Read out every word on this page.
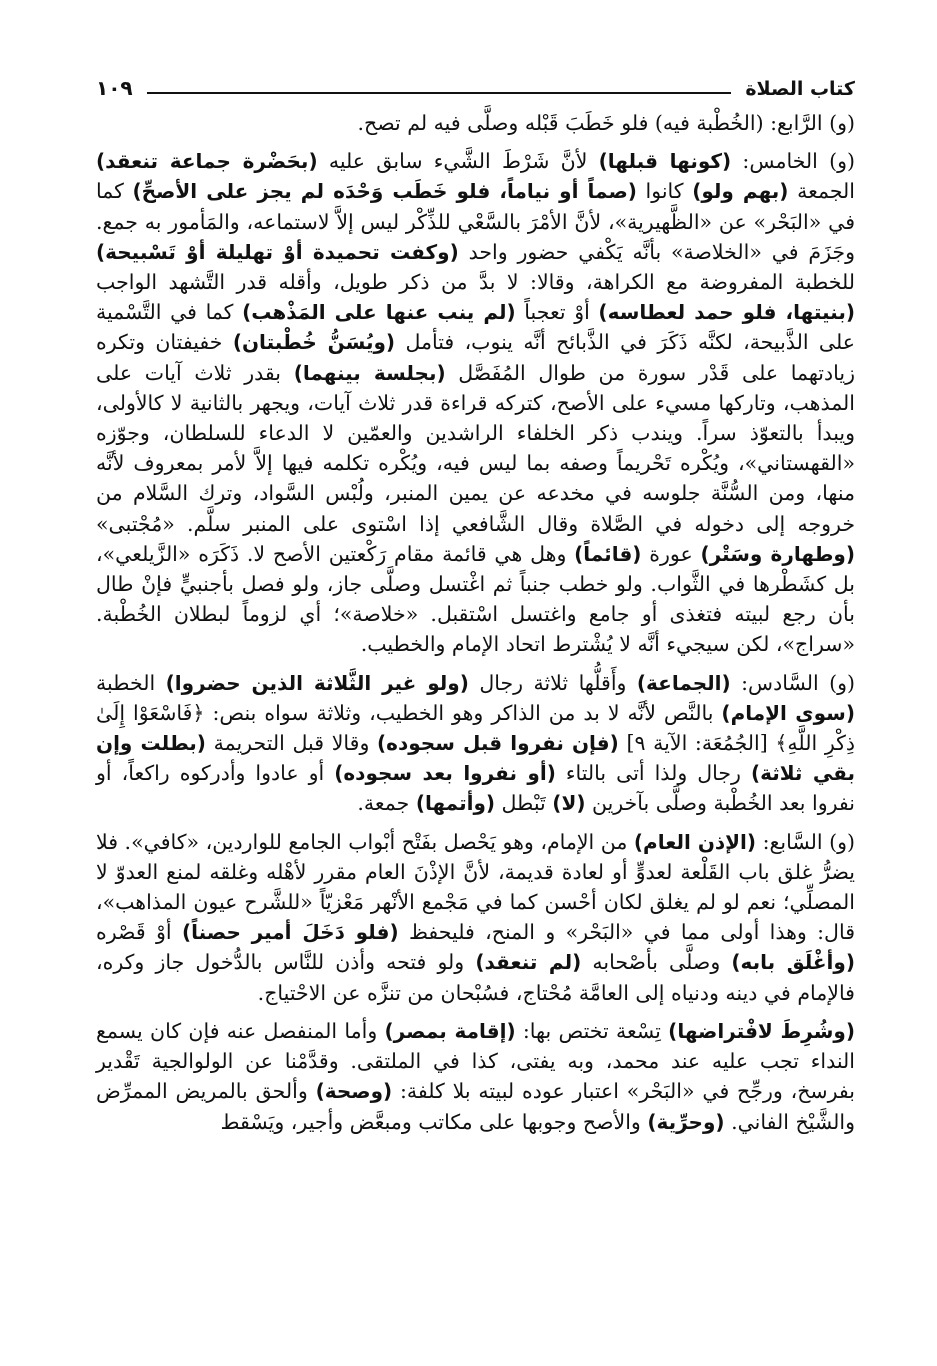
كتاب الصلاة
١٠٩

(و) الرَّابع: (الخُطْبة فيه) فلو خَطَبَ قَبْله وصلَّى فيه لم تصح.

(و) الخامس: (كونها قبلها) لأنَّ شَرْطَ الشَّيء سابق عليه (بحَضْرة جماعة تنعقد) الجمعة (بهم ولو) كانوا (صماً أو نياماً، فلو خَطَب وَحْدَه لم يجز على الأصحِّ) كما في «البَحْر» عن «الظَّهيرية»، لأنَّ الأمْرَ بالسَّعْي للذِّكْر ليس إلاَّ لاستماعه، والمَأمور به جمع. وجَزَمَ في «الخلاصة» بأنَّه يَكْفي حضور واحد (وكفت تحميدة أوْ تهليلة أوْ تَسْبيحة) للخطبة المفروضة مع الكراهة، وقالا: لا بدَّ من ذكر طويل، وأقله قدر التَّشهد الواجب (بنيتها، فلو حمد لعطاسه) أوْ تعجباً (لم ينب عنها على المَذْهب) كما في التَّسْمية على الذَّبيحة، لكنَّه ذَكَرَ في الذَّبائح أنَّه ينوب، فتأمل (ويُسَنُّ خُطْبتان) خفيفتان وتكره زيادتهما على قَدْر سورة من طوال المُفَصَّل (بجلسة بينهما) بقدر ثلاث آيات على المذهب، وتاركها مسيء على الأصح، كتركه قراءة قدر ثلاث آيات، ويجهر بالثانية لا كالأولى، ويبدأ بالتعوّذ سراً. ويندب ذكر الخلفاء الراشدين والعمّين لا الدعاء للسلطان، وجوّزه «القهستاني»، ويُكْره تَحْريماً وصفه بما ليس فيه، ويُكْره تكلمه فيها إلاَّ لأمر بمعروف لأنَّه منها، ومن السُّنَّة جلوسه في مخدعه عن يمين المنبر، ولُبْس السَّواد، وترك السَّلام من خروجه إلى دخوله في الصَّلاة وقال الشَّافعي إذا اسْتوى على المنبر سلَّم. «مُجْتبى» (وطهارة وسَتْر) عورة (قائماً) وهل هي قائمة مقام رَكْعتين الأصح لا. ذَكَرَه «الزَّيلعي»، بل كشَطْرها في الثَّواب. ولو خطب جنباً ثم اغْتسل وصلَّى جاز، ولو فصل بأجنبيٍّ فإنْ طال بأن رجع لبيته فتغذى أو جامع واغتسل اسْتقبل. «خلاصة»؛ أي لزوماً لبطلان الخُطْبة. «سراج»، لكن سيجيء أنَّه لا يُشْترط اتحاد الإمام والخطيب.

(و) السَّادس: (الجماعة) وأَقلُّها ثلاثة رجال (ولو غير الثَّلاثة الذين حضروا) الخطبة (سوى الإمام) بالنَّص لأنَّه لا بد من الذاكر وهو الخطيب، وثلاثة سواه بنص: ﴿فَاسْعَوْا إِلَىٰ ذِكْرِ اللَّهِ﴾ [الجُمُعَة: الآية ٩] (فإن نفروا قبل سجوده) وقالا قبل التحريمة (بطلت وإن بقي ثلاثة) رجال ولذا أتى بالتاء (أو نفروا بعد سجوده) أو عادوا وأدركوه راكعاً، أو نفروا بعد الخُطْبة وصلَّى بآخرين (لا) تَبْطل (وأتمها) جمعة.

(و) السَّابع: (الإذن العام) من الإمام، وهو يَحْصل بفَتْح أبْواب الجامع للواردين، «كافي». فلا يضرُّ غلق باب القَلْعة لعدوٍّ أو لعادة قديمة، لأنَّ الإذْنَ العام مقرر لأهْله وغلقه لمنع العدوّ لا المصلِّي؛ نعم لو لم يغلق لكان أحْسن كما في مَجْمع الأنْهر مَعْزيّاً «للشَّرح عيون المذاهب»، قال: وهذا أولى مما في «البَحْر» و المنح، فليحفظ (فلو دَخَلَ أمير حصناً) أوْ قَصْره (وأغْلَق بابه) وصلَّى بأصْحابه (لم تنعقد) ولو فتحه وأذن للنَّاس بالدُّخول جاز وكره، فالإمام في دينه ودنياه إلى العامَّة مُحْتاج، فسُبْحان من تنزَّه عن الاحْتياج.

(وشُرِطَ لافْتراضها) تِسْعة تختص بها: (إقامة بمصر) وأما المنفصل عنه فإن كان يسمع النداء تجب عليه عند محمد، وبه يفتى، كذا في الملتقى. وقدَّمْنا عن الولوالجية تَقْدير بفرسخ، ورجِّح في «البَحْر» اعتبار عوده لبيته بلا كلفة: (وصحة) وألحق بالمريض الممرِّض والشَّيْخ الفاني. (وحرِّية) والأصح وجوبها على مكاتب ومبعَّض وأجير، ويَسْقط
